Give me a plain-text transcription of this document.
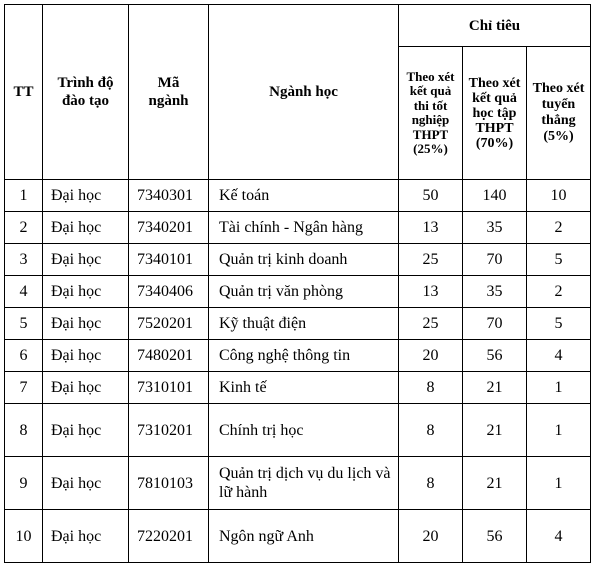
TT	Trình độ đào tạo	Mã ngành	Ngành học	Chỉ tiêu		
				Theo xét kết quả thi tốt nghiệp THPT (25%)	Theo xét kết quả học tập THPT (70%)	Theo xét tuyển thẳng (5%)
1	Đại học	7340301	Kế toán	50	140	10
2	Đại học	7340201	Tài chính - Ngân hàng	13	35	2
3	Đại học	7340101	Quản trị kinh doanh	25	70	5
4	Đại học	7340406	Quản trị văn phòng	13	35	2
5	Đại học	7520201	Kỹ thuật điện	25	70	5
6	Đại học	7480201	Công nghệ thông tin	20	56	4
7	Đại học	7310101	Kinh tế	8	21	1
8	Đại học	7310201	Chính trị học	8	21	1
9	Đại học	7810103	Quản trị dịch vụ du lịch và lữ hành	8	21	1
10	Đại học	7220201	Ngôn ngữ Anh	20	56	4
